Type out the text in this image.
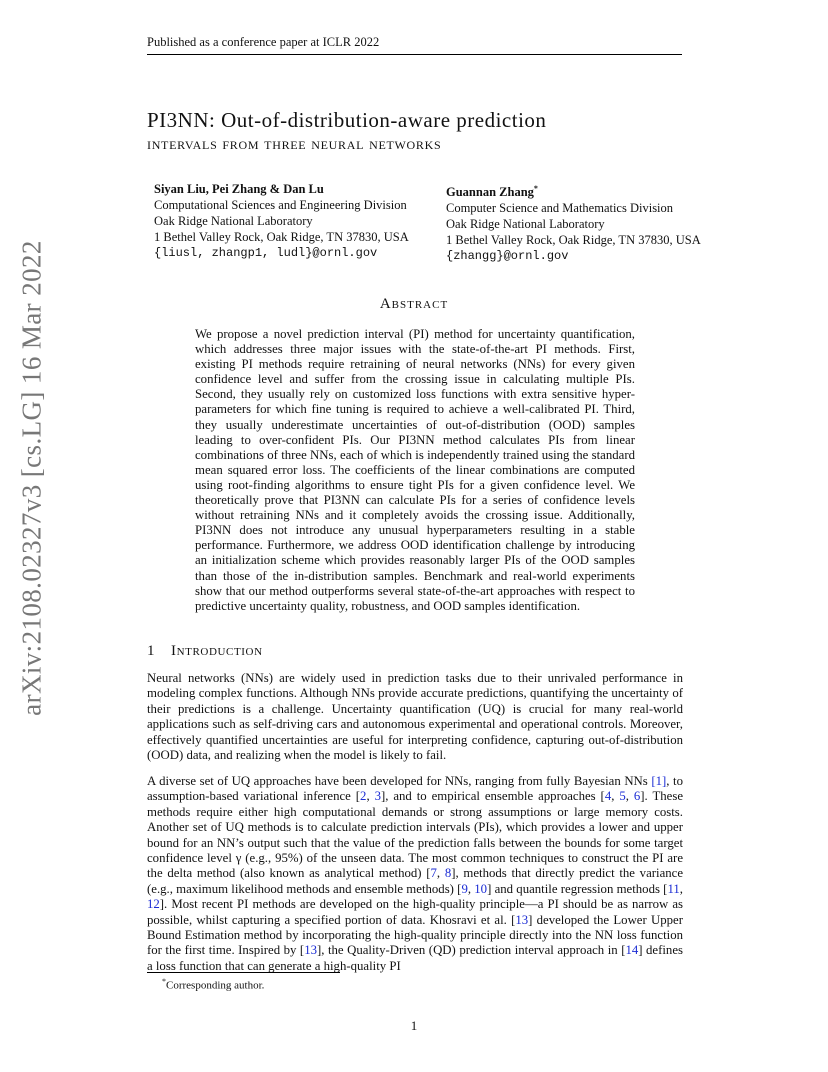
Published as a conference paper at ICLR 2022
PI3NN: Out-of-distribution-aware prediction
intervals from three neural networks
Siyan Liu, Pei Zhang & Dan Lu
Computational Sciences and Engineering Division
Oak Ridge National Laboratory
1 Bethel Valley Rock, Oak Ridge, TN 37830, USA
{liusl, zhangp1, ludl}@ornl.gov
Guannan Zhang*
Computer Science and Mathematics Division
Oak Ridge National Laboratory
1 Bethel Valley Rock, Oak Ridge, TN 37830, USA
{zhangg}@ornl.gov
arXiv:2108.02327v3 [cs.LG] 16 Mar 2022	Abstract
We propose a novel prediction interval (PI) method for uncertainty quantification, which addresses three major issues with the state-of-the-art PI methods. First, existing PI methods require retraining of neural networks (NNs) for every given confidence level and suffer from the crossing issue in calculating multiple PIs. Second, they usually rely on customized loss functions with extra sensitive hyper-parameters for which fine tuning is required to achieve a well-calibrated PI. Third, they usually underestimate uncertainties of out-of-distribution (OOD) samples leading to over-confident PIs. Our PI3NN method calculates PIs from linear combinations of three NNs, each of which is independently trained using the standard mean squared error loss. The coefficients of the linear combinations are computed using root-finding algorithms to ensure tight PIs for a given confidence level. We theoretically prove that PI3NN can calculate PIs for a series of confidence levels without retraining NNs and it completely avoids the crossing issue. Additionally, PI3NN does not introduce any unusual hyperparameters resulting in a stable performance. Furthermore, we address OOD identification challenge by introducing an initialization scheme which provides reasonably larger PIs of the OOD samples than those of the in-distribution samples. Benchmark and real-world experiments show that our method outperforms several state-of-the-art approaches with respect to predictive uncertainty quality, robustness, and OOD samples identification.
1 Introduction
Neural networks (NNs) are widely used in prediction tasks due to their unrivaled performance in modeling complex functions. Although NNs provide accurate predictions, quantifying the uncertainty of their predictions is a challenge. Uncertainty quantification (UQ) is crucial for many real-world applications such as self-driving cars and autonomous experimental and operational controls. Moreover, effectively quantified uncertainties are useful for interpreting confidence, capturing out-of-distribution (OOD) data, and realizing when the model is likely to fail.
A diverse set of UQ approaches have been developed for NNs, ranging from fully Bayesian NNs [1], to assumption-based variational inference [2, 3], and to empirical ensemble approaches [4, 5, 6]. These methods require either high computational demands or strong assumptions or large memory costs. Another set of UQ methods is to calculate prediction intervals (PIs), which provides a lower and upper bound for an NN’s output such that the value of the prediction falls between the bounds for some target confidence level γ (e.g., 95%) of the unseen data. The most common techniques to construct the PI are the delta method (also known as analytical method) [7, 8], methods that directly predict the variance (e.g., maximum likelihood methods and ensemble methods) [9, 10] and quantile regression methods [11, 12]. Most recent PI methods are developed on the high-quality principle—a PI should be as narrow as possible, whilst capturing a specified portion of data. Khosravi et al. [13] developed the Lower Upper Bound Estimation method by incorporating the high-quality principle directly into the NN loss function for the first time. Inspired by [13], the Quality-Driven (QD) prediction interval approach in [14] defines a loss function that can generate a high-quality PI
*Corresponding author.
1
